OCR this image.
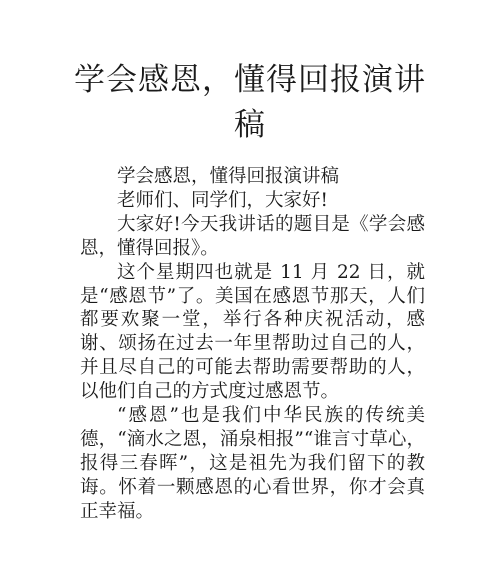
学会感恩，懂得回报演讲稿

学会感恩，懂得回报演讲稿

老师们、同学们，大家好!

大家好!今天我讲话的题目是《学会感恩，懂得回报》。

这个星期四也就是 11 月 22 日，就是“感恩节”了。美国在感恩节那天，人们都要欢聚一堂，举行各种庆祝活动，感谢、颂扬在过去一年里帮助过自己的人，并且尽自己的可能去帮助需要帮助的人，以他们自己的方式度过感恩节。

“感恩”也是我们中华民族的传统美德，“滴水之恩，涌泉相报”“谁言寸草心，报得三春晖”，这是祖先为我们留下的教诲。怀着一颗感恩的心看世界，你才会真正幸福。
